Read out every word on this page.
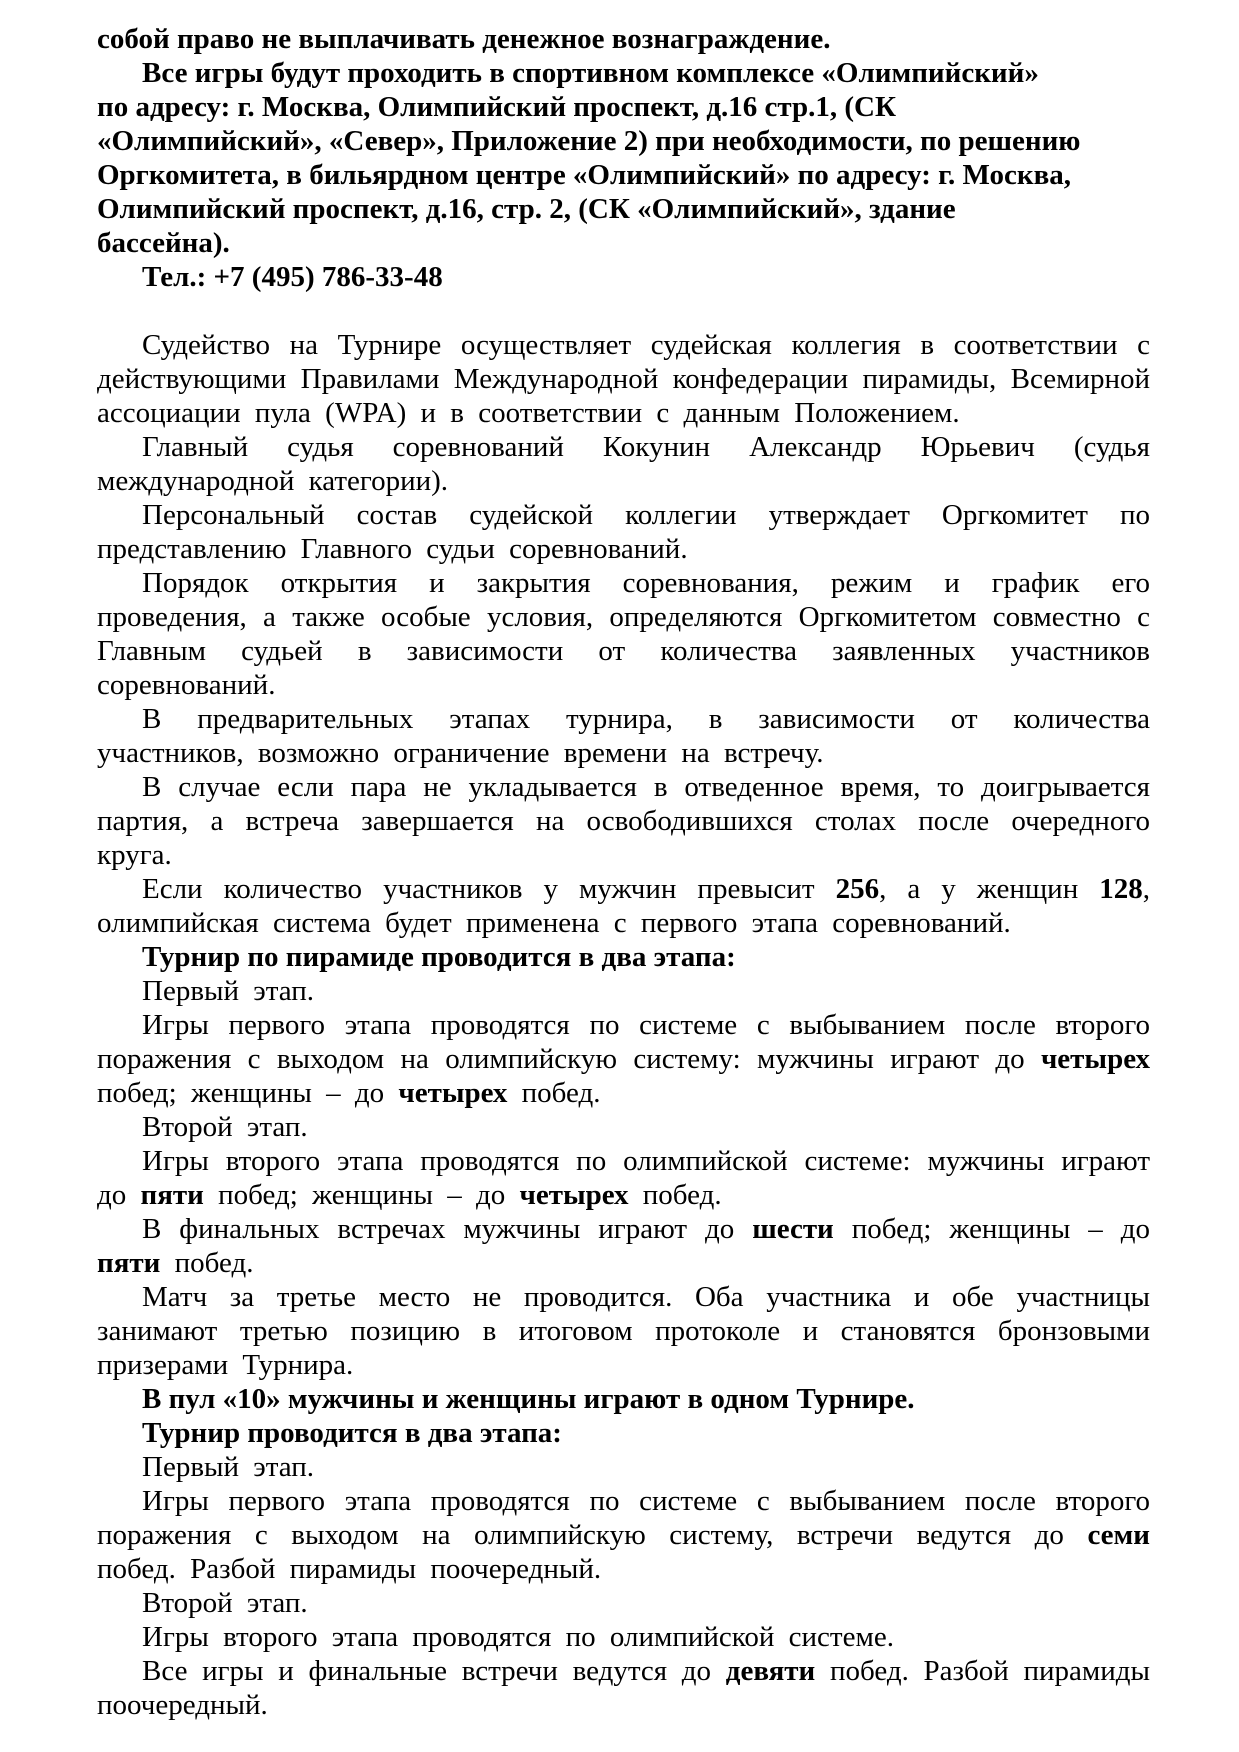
собой право не выплачивать денежное вознаграждение.

Все игры будут проходить в спортивном комплексе «Олимпийский»
по адресу: г. Москва, Олимпийский проспект, д.16 стр.1, (СК
«Олимпийский», «Север», Приложение 2) при необходимости, по решению
Оргкомитета, в бильярдном центре «Олимпийский» по адресу: г. Москва,
Олимпийский проспект, д.16, стр. 2, (СК «Олимпийский», здание
бассейна).

Тел.: +7 (495) 786-33-48

Судейство на Турнире осуществляет судейская коллегия в соответствии с действующими Правилами Международной конфедерации пирамиды, Всемирной ассоциации пула (WPA) и в соответствии с данным Положением.

Главный судья соревнований Кокунин Александр Юрьевич (судья международной категории).

Персональный состав судейской коллегии утверждает Оргкомитет по представлению Главного судьи соревнований.

Порядок открытия и закрытия соревнования, режим и график его проведения, а также особые условия, определяются Оргкомитетом совместно с Главным судьей в зависимости от количества заявленных участников соревнований.

В предварительных этапах турнира, в зависимости от количества участников, возможно ограничение времени на встречу.

В случае если пара не укладывается в отведенное время, то доигрывается партия, а встреча завершается на освободившихся столах после очередного круга.

Если количество участников у мужчин превысит 256, а у женщин 128, олимпийская система будет применена с первого этапа соревнований.

Турнир по пирамиде проводится в два этапа:

Первый этап.

Игры первого этапа проводятся по системе с выбыванием после второго поражения с выходом на олимпийскую систему: мужчины играют до четырех побед; женщины – до четырех побед.

Второй этап.

Игры второго этапа проводятся по олимпийской системе: мужчины играют до пяти побед; женщины – до четырех побед.

В финальных встречах мужчины играют до шести побед; женщины – до пяти побед.

Матч за третье место не проводится. Оба участника и обе участницы занимают третью позицию в итоговом протоколе и становятся бронзовыми призерами Турнира.

В пул «10» мужчины и женщины играют в одном Турнире.

Турнир проводится в два этапа:

Первый этап.

Игры первого этапа проводятся по системе с выбыванием после второго поражения с выходом на олимпийскую систему, встречи ведутся до семи побед. Разбой пирамиды поочередный.

Второй этап.

Игры второго этапа проводятся по олимпийской системе.

Все игры и финальные встречи ведутся до девяти побед. Разбой пирамиды поочередный.
